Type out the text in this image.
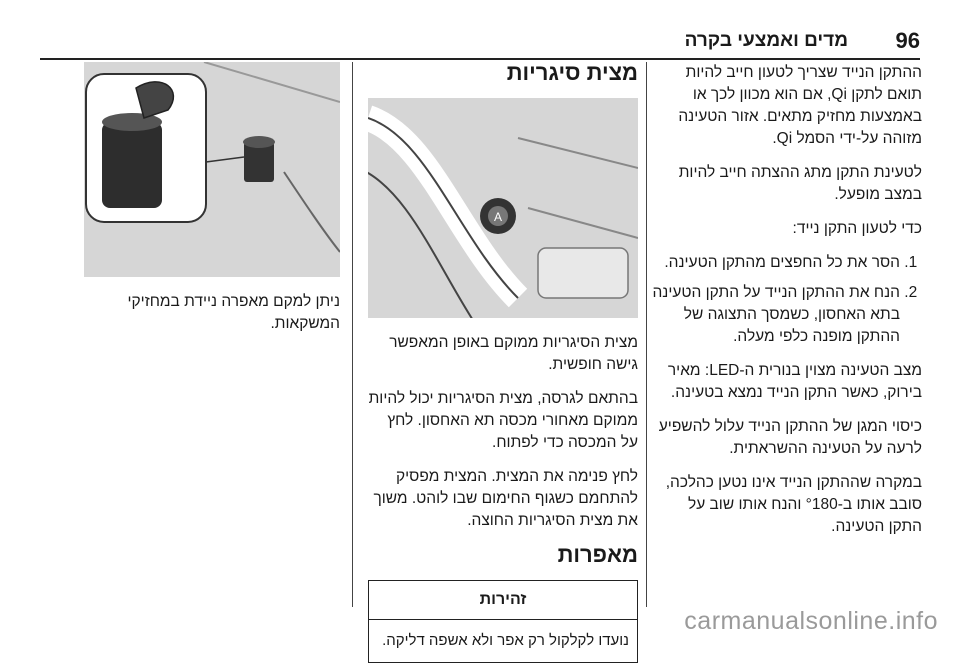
96
מדים ואמצעי בקרה

ההתקן הנייד שצריך לטעון חייב להיות תואם לתקן Qi, אם הוא מכוון לכך או באמצעות מחזיק מתאים. אזור הטעינה מזוהה על-ידי הסמל Qi.

לטעינת התקן מתג ההצתה חייב להיות במצב מופעל.

כדי לטעון התקן נייד:

1. הסר את כל החפצים מהתקן הטעינה.
2. הנח את ההתקן הנייד על התקן הטעינה בתא האחסון, כשמסך התצוגה של ההתקן מופנה כלפי מעלה.

מצב הטעינה מצוין בנורית ה-LED: מאיר בירוק, כאשר התקן הנייד נמצא בטעינה.

כיסוי המגן של ההתקן הנייד עלול להשפיע לרעה על הטעינה ההשראתית.

במקרה שההתקן הנייד אינו נטען כהלכה, סובב אותו ב-°180 והנח אותו שוב על התקן הטעינה.

מצית סיגריות
A

מצית הסיגריות ממוקם באופן המאפשר גישה חופשית.

בהתאם לגרסה, מצית הסיגריות יכול להיות ממוקם מאחורי מכסה תא האחסון. לחץ על המכסה כדי לפתוח.

לחץ פנימה את המצית. המצית מפסיק להתחמם כשגוף החימום שבו לוהט. משוך את מצית הסיגריות החוצה.

מאפרות
זהירות
נועדו לקלקול רק אפר ולא אשפה דליקה.

ניתן למקם מאפרה ניידת במחזיקי המשקאות.

carmanualsonline.info
